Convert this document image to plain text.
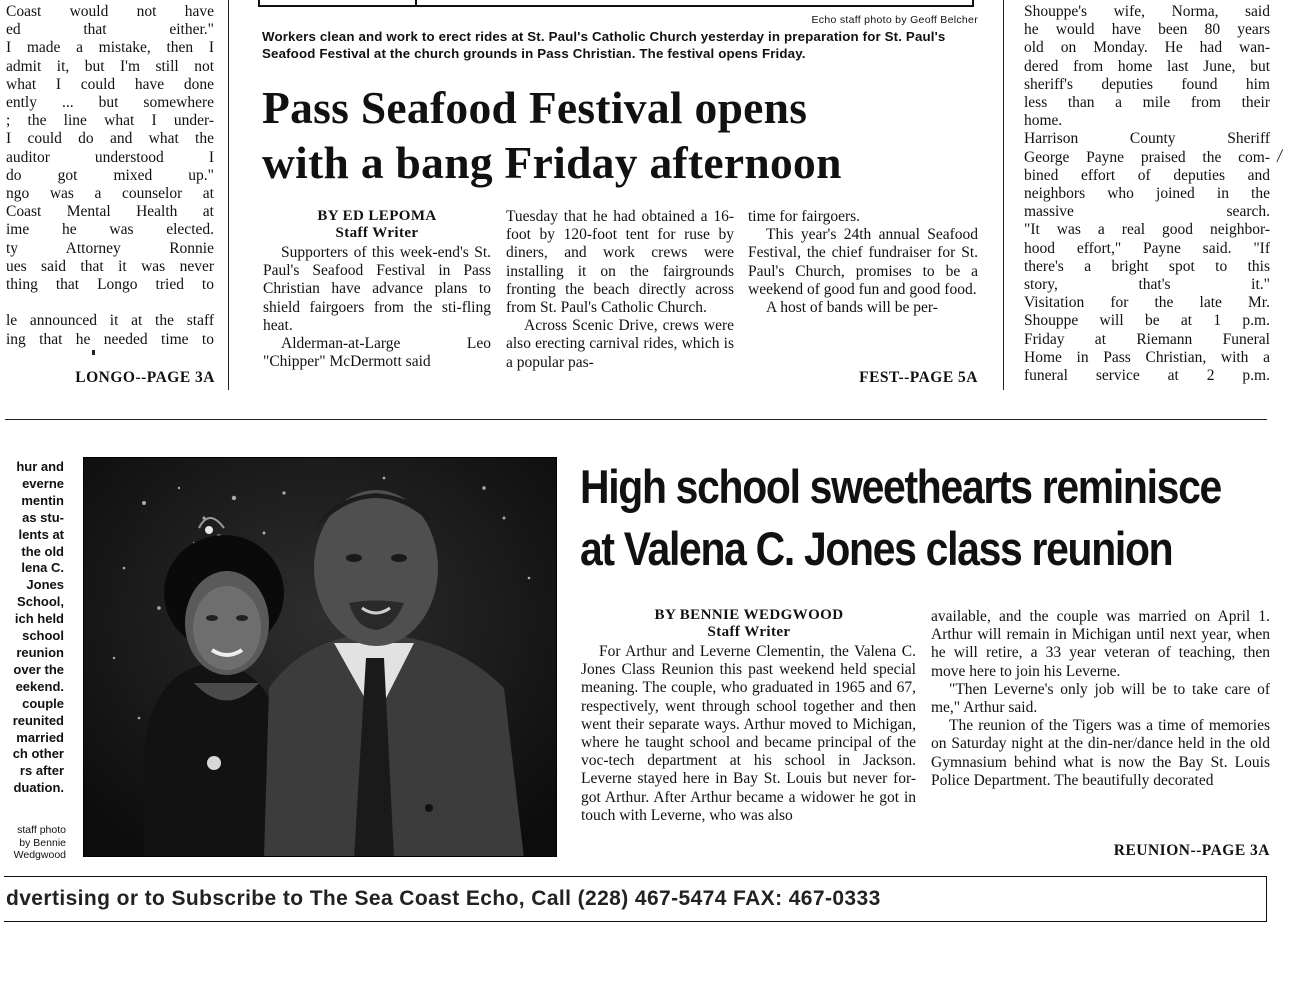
Coast would not have
ed that either."
I made a mistake, then I
admit it, but I'm still not
what I could have done
ently ... but somewhere
; the line what I under-
I could do and what the
auditor understood I
do got mixed up."
ngo was a counselor at
Coast Mental Health at
ime he was elected.
ty Attorney Ronnie
ues said that it was never
thing that Longo tried to

le announced it at the staff
ing that he needed time to
LONGO--PAGE 3A
Echo staff photo by Geoff Belcher
Workers clean and work to erect rides at St. Paul's Catholic Church yesterday in preparation for St. Paul's Seafood Festival at the church grounds in Pass Christian. The festival opens Friday.
Pass Seafood Festival opens
with a bang Friday afternoon
BY ED LEPOMA
Staff Writer

Supporters of this week-end's St. Paul's Seafood Festival in Pass Christian have advance plans to shield fairgoers from the sti-fling heat.

Alderman-at-Large Leo "Chipper" McDermott said

Tuesday that he had obtained a 16-foot by 120-foot tent for ruse by diners, and work crews were installing it on the fairgrounds fronting the beach directly across from St. Paul's Catholic Church.

Across Scenic Drive, crews were also erecting carnival rides, which is a popular pas-

time for fairgoers.

This year's 24th annual Seafood Festival, the chief fundraiser for St. Paul's Church, promises to be a weekend of good fun and good food.

A host of bands will be per-

FEST--PAGE 5A
Shouppe's wife, Norma, said
he would have been 80 years
old on Monday. He had wan-
dered from home last June, but
sheriff's deputies found him
less than a mile from their
home.
Harrison County Sheriff
George Payne praised the com-
bined effort of deputies and
neighbors who joined in the
massive search.
"It was a real good neighbor-
hood effort," Payne said. "If
there's a bright spot to this
story, that's it."
Visitation for the late Mr.
Shouppe will be at 1 p.m.
Friday at Riemann Funeral
Home in Pass Christian, with a
funeral service at 2 p.m.
hur and
everne
mentin
as stu-
lents at
the old
lena C.
Jones
School,
ich held
school
reunion
over the
eekend.
couple
reunited
married
ch other
rs after
duation.
staff photo
by Bennie
Wedgwood
High school sweethearts reminisce
at Valena C. Jones class reunion
BY BENNIE WEDGWOOD
Staff Writer

For Arthur and Leverne Clementin, the Valena C. Jones Class Reunion this past weekend held special meaning. The couple, who graduated in 1965 and 67, respectively, went through school together and then went their separate ways. Arthur moved to Michigan, where he taught school and became principal of the voc-tech department at his school in Jackson. Leverne stayed here in Bay St. Louis but never for-got Arthur. After Arthur became a widower he got in touch with Leverne, who was also

available, and the couple was married on April 1. Arthur will remain in Michigan until next year, when he will retire, a 33 year veteran of teaching, then move here to join his Leverne.

"Then Leverne's only job will be to take care of me," Arthur said.

The reunion of the Tigers was a time of memories on Saturday night at the din-ner/dance held in the old Gymnasium behind what is now the Bay St. Louis Police Department. The beautifully decorated

REUNION--PAGE 3A
dvertising or to Subscribe to The Sea Coast Echo, Call (228) 467-5474 FAX: 467-0333
